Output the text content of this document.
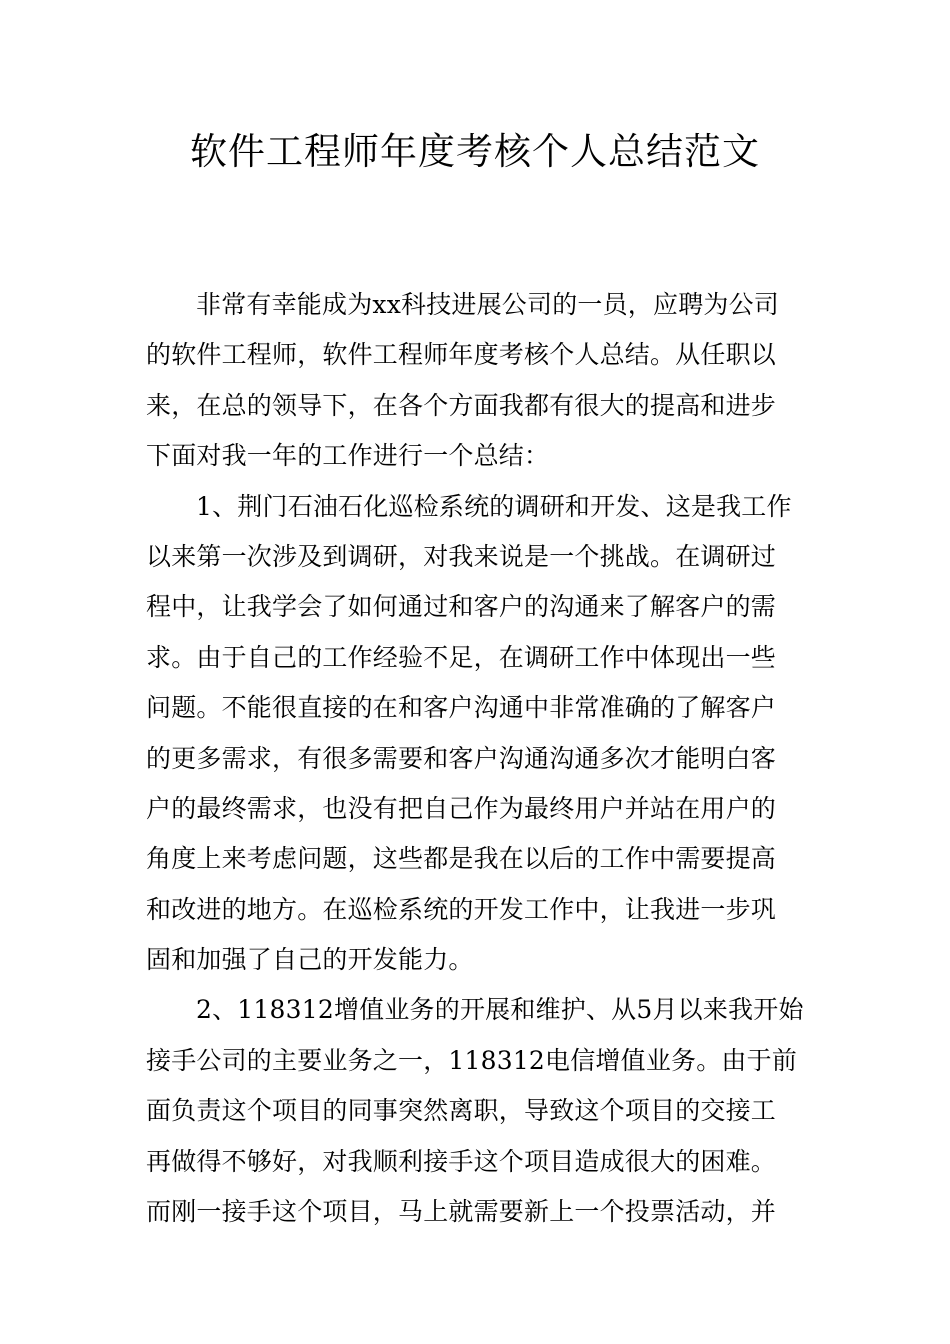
软件工程师年度考核个人总结范文
非常有幸能成为xx科技进展公司的一员，应聘为公司
的软件工程师，软件工程师年度考核个人总结。从任职以
来，在总的领导下，在各个方面我都有很大的提高和进步
下面对我一年的工作进行一个总结：
1、荆门石油石化巡检系统的调研和开发、这是我工作
以来第一次涉及到调研，对我来说是一个挑战。在调研过
程中，让我学会了如何通过和客户的沟通来了解客户的需
求。由于自己的工作经验不足，在调研工作中体现出一些
问题。不能很直接的在和客户沟通中非常准确的了解客户
的更多需求，有很多需要和客户沟通沟通多次才能明白客
户的最终需求，也没有把自己作为最终用户并站在用户的
角度上来考虑问题，这些都是我在以后的工作中需要提高
和改进的地方。在巡检系统的开发工作中，让我进一步巩
固和加强了自己的开发能力。
2、118312增值业务的开展和维护、从5月以来我开始
接手公司的主要业务之一，118312电信增值业务。由于前
面负责这个项目的同事突然离职，导致这个项目的交接工
再做得不够好，对我顺利接手这个项目造成很大的困难。
而刚一接手这个项目，马上就需要新上一个投票活动，并
